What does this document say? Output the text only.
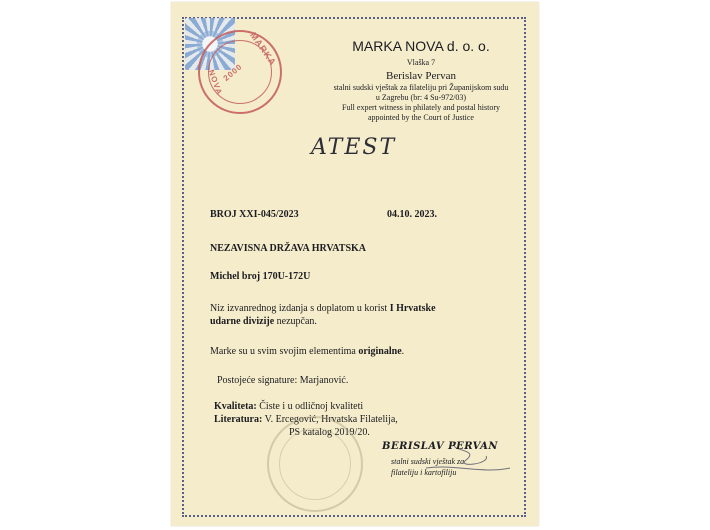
MARKA
2000
NOVA
MARKA NOVA d. o. o.
Vlaška 7
Berislav Pervan
stalni sudski vještak za filateliju pri Županijskom sudu
u Zagrebu (br: 4 Su-972/03)
Full expert witness in philately and postal history
appointed by the Court of Justice
ATEST
BROJ XXI-045/2023	04.10. 2023.
NEZAVISNA DRŽAVA HRVATSKA
Michel broj 170U-172U
Niz izvanrednog izdanja s doplatom u korist I Hrvatske
udarne divizije nezupčan.
Marke su u svim svojim elementima originalne.
Postojeće signature: Marjanović.
Kvaliteta: Čiste i u odličnoj kvaliteti
Literatura: V. Ercegović, Hrvatska Filatelija,
PS katalog 2019/20.
BERISLAV PERVAN
stalni sudski vještak za
filateliju i kartofiliju
